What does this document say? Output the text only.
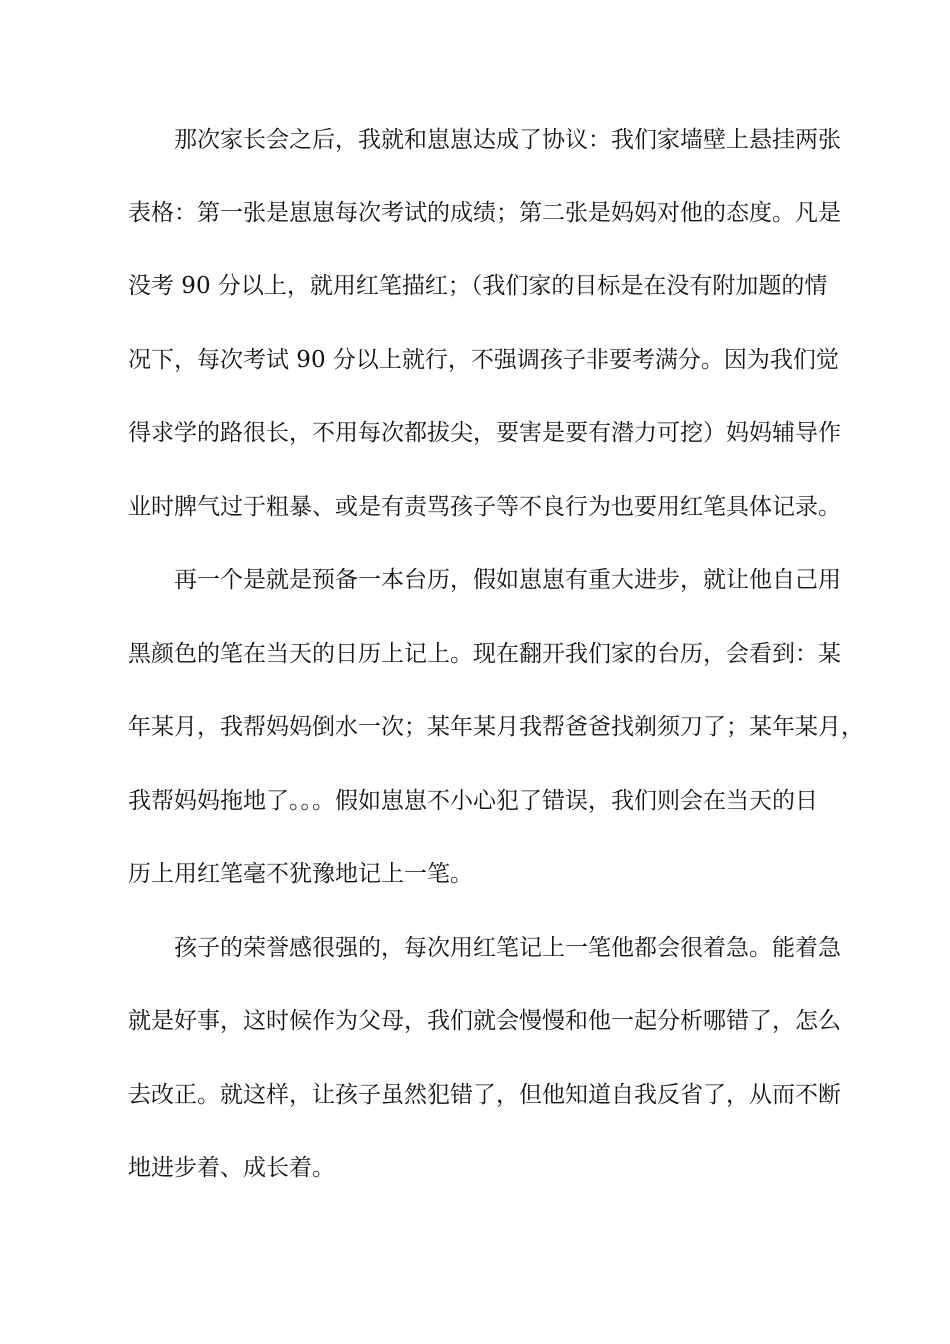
那次家长会之后，我就和崽崽达成了协议：我们家墙壁上悬挂两张
表格：第一张是崽崽每次考试的成绩；第二张是妈妈对他的态度。凡是
没考 90 分以上，就用红笔描红；（我们家的目标是在没有附加题的情
况下，每次考试 90 分以上就行，不强调孩子非要考满分。因为我们觉
得求学的路很长，不用每次都拔尖，要害是要有潜力可挖）妈妈辅导作
业时脾气过于粗暴、或是有责骂孩子等不良行为也要用红笔具体记录。
再一个是就是预备一本台历，假如崽崽有重大进步，就让他自己用
黑颜色的笔在当天的日历上记上。现在翻开我们家的台历，会看到：某
年某月，我帮妈妈倒水一次；某年某月我帮爸爸找剃须刀了；某年某月，
我帮妈妈拖地了。。。假如崽崽不小心犯了错误，我们则会在当天的日
历上用红笔毫不犹豫地记上一笔。
孩子的荣誉感很强的，每次用红笔记上一笔他都会很着急。能着急
就是好事，这时候作为父母，我们就会慢慢和他一起分析哪错了，怎么
去改正。就这样，让孩子虽然犯错了，但他知道自我反省了，从而不断
地进步着、成长着。
